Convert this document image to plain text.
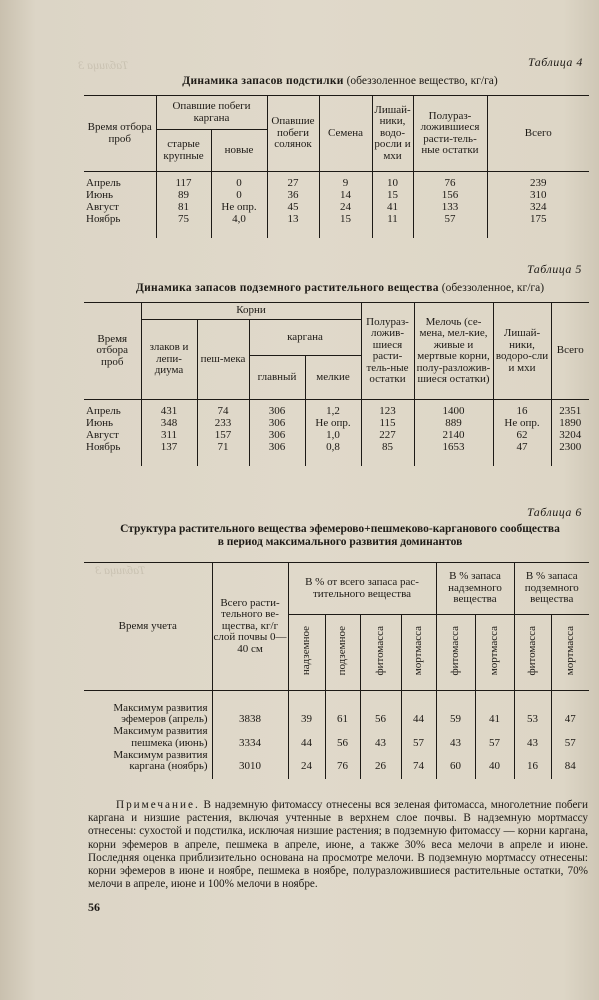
Таблица 3
Таблица 3
Таблица 4
Динамика запасов подстилки (обеззоленное вещество, кг/га)
Время отбора проб	Опавшие побеги каргана		Опавшие побеги солянок	Семена	Лишай-ники, водо-росли и мхи	Полураз-ложившиеся расти-тель-ные остатки	Всего
	старые крупные	новые					

Апрель	117	0	27	9	10	76	239
Июнь	89	0	36	14	15	156	310
Август	81	Не опр.	45	24	41	133	324
Ноябрь	75	4,0	13	15	11	57	175

Таблица 5
Динамика запасов подземного растительного вещества (обеззоленное, кг/га)
Время отбора проб	Корни				Полураз-ложив-шиеся расти-тель-ные остатки	Мелочь (се-мена, мел-кие, живые и мертвые корни, полу-разложив-шиеся остатки)	Лишай-ники, водоро-сли и мхи	Всего
	злаков и лепи-диума	пеш-мека	каргана					
			главный	мелкие				

Апрель	431	74	306	1,2	123	1400	16	2351
Июнь	348	233	306	Не опр.	115	889	Не опр.	1890
Август	311	157	306	1,0	227	2140	62	3204
Ноябрь	137	71	306	0,8	85	1653	47	2300

Таблица 6
Структура растительного вещества эфемерово+пешмеково-карганового сообщества
в период максимального развития доминантов
Время учета	Всего расти-тельного ве-щества, кг/г слой почвы 0—40 см	В % от всего запаса рас-тительного вещества				В % запаса надземного вещества		В % запаса подземного вещества	
		надземное	подземное	фитомасса	мортмасса	фитомасса	мортмасса	фитомасса	мортмасса

Максимум развития									
эфемеров (апрель)	3838	39	61	56	44	59	41	53	47
Максимум развития									
пешмека (июнь)	3334	44	56	43	57	43	57	43	57
Максимум развития									
каргана (ноябрь)	3010	24	76	26	74	60	40	16	84

Примечание. В надземную фитомассу отнесены вся зеленая фитомасса, многолетние побеги каргана и низшие растения, включая учтенные в верхнем слое почвы. В надземную мортмассу отнесены: сухостой и подстилка, исключая низшие растения; в подземную фитомассу — корни каргана, корни эфемеров в апреле, пешмека в апреле, июне, а также 30% веса мелочи в апреле и июне. Последняя оценка приблизительно основана на просмотре мелочи. В подземную мортмассу отнесены: корни эфемеров в июне и ноябре, пешмека в ноябре, полуразложившиеся растительные остатки, 70% мелочи в апреле, июне и 100% мелочи в ноябре.
56
